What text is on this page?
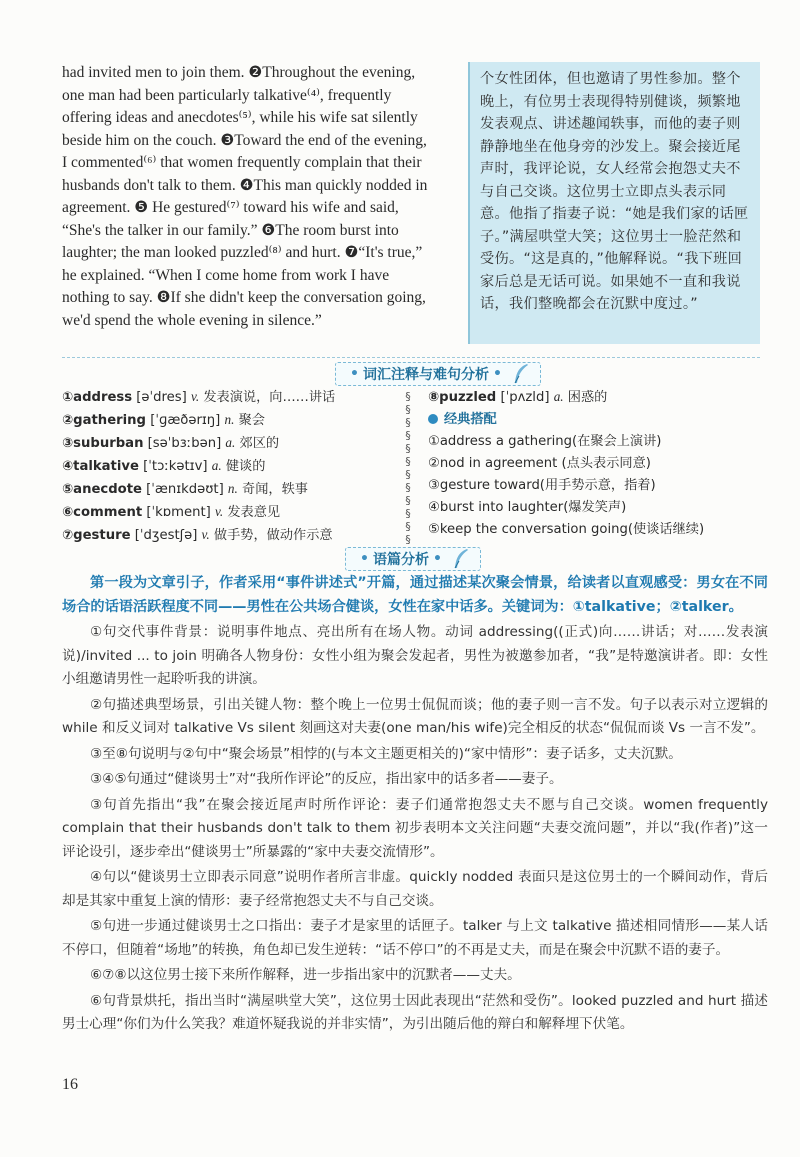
had invited men to join them. ❷Throughout the evening,

one man had been particularly talkative⁽⁴⁾, frequently

offering ideas and anecdotes⁽⁵⁾, while his wife sat silently

beside him on the couch. ❸Toward the end of the evening,

I commented⁽⁶⁾ that women frequently complain that their

husbands don't talk to them. ❹This man quickly nodded in

agreement. ❺ He gestured⁽⁷⁾ toward his wife and said,

“She's the talker in our family.” ❻The room burst into

laughter; the man looked puzzled⁽⁸⁾ and hurt. ❼“It's true,”

he explained. “When I come home from work I have

nothing to say. ❽If she didn't keep the conversation going,

we'd spend the whole evening in silence.”

个女性团体，但也邀请了男性参加。整个晚上，有位男士表现得特别健谈，频繁地发表观点、讲述趣闻轶事，而他的妻子则静静地坐在他身旁的沙发上。聚会接近尾声时，我评论说，女人经常会抱怨丈夫不与自己交谈。这位男士立即点头表示同意。他指了指妻子说：“她是我们家的话匣子。”满屋哄堂大笑；这位男士一脸茫然和受伤。“这是真的，”他解释说。“我下班回家后总是无话可说。如果她不一直和我说话，我们整晚都会在沉默中度过。”
• 词汇注释与难句分析 •
①address [əˈdres] v. 发表演说，向……讲话
②gathering [ˈɡæðərɪŋ] n. 聚会
③suburban [səˈbɜːbən] a. 郊区的
④talkative [ˈtɔːkətɪv] a. 健谈的
⑤anecdote [ˈænɪkdəʊt] n. 奇闻，轶事
⑥comment [ˈkɒment] v. 发表意见
⑦gesture [ˈdʒestʃə] v. 做手势，做动作示意
§
§
§
§
§
§
§
§
§
§
§
§
⑧puzzled [ˈpʌzld] a. 困惑的
经典搭配
①address a gathering(在聚会上演讲)
②nod in agreement (点头表示同意)
③gesture toward(用手势示意，指着)
④burst into laughter(爆发笑声)
⑤keep the conversation going(使谈话继续)
• 语篇分析 •

第一段为文章引子，作者采用“事件讲述式”开篇，通过描述某次聚会情景，给读者以直观感受：男女在不同场合的话语活跃程度不同——男性在公共场合健谈，女性在家中话多。关键词为：①talkative；②talker。

①句交代事件背景：说明事件地点、亮出所有在场人物。动词 addressing((正式)向……讲话；对……发表演说)/invited ... to join 明确各人物身份：女性小组为聚会发起者，男性为被邀参加者，“我”是特邀演讲者。即：女性小组邀请男性一起聆听我的讲演。

②句描述典型场景，引出关键人物：整个晚上一位男士侃侃而谈；他的妻子则一言不发。句子以表示对立逻辑的 while 和反义词对 talkative Vs silent 刻画这对夫妻(one man/his wife)完全相反的状态“侃侃而谈 Vs 一言不发”。

③至⑧句说明与②句中“聚会场景”相悖的(与本文主题更相关的)“家中情形”：妻子话多，丈夫沉默。

③④⑤句通过“健谈男士”对“我所作评论”的反应，指出家中的话多者——妻子。

③句首先指出“我”在聚会接近尾声时所作评论：妻子们通常抱怨丈夫不愿与自己交谈。women frequently complain that their husbands don't talk to them 初步表明本文关注问题“夫妻交流问题”，并以“我(作者)”这一评论设引，逐步牵出“健谈男士”所暴露的“家中夫妻交流情形”。

④句以“健谈男士立即表示同意”说明作者所言非虚。quickly nodded 表面只是这位男士的一个瞬间动作，背后却是其家中重复上演的情形：妻子经常抱怨丈夫不与自己交谈。

⑤句进一步通过健谈男士之口指出：妻子才是家里的话匣子。talker 与上文 talkative 描述相同情形——某人话不停口，但随着“场地”的转换，角色却已发生逆转：“话不停口”的不再是丈夫，而是在聚会中沉默不语的妻子。

⑥⑦⑧以这位男士接下来所作解释，进一步指出家中的沉默者——丈夫。

⑥句背景烘托，指出当时“满屋哄堂大笑”，这位男士因此表现出“茫然和受伤”。looked puzzled and hurt 描述男士心理“你们为什么笑我？难道怀疑我说的并非实情”，为引出随后他的辩白和解释埋下伏笔。

16
